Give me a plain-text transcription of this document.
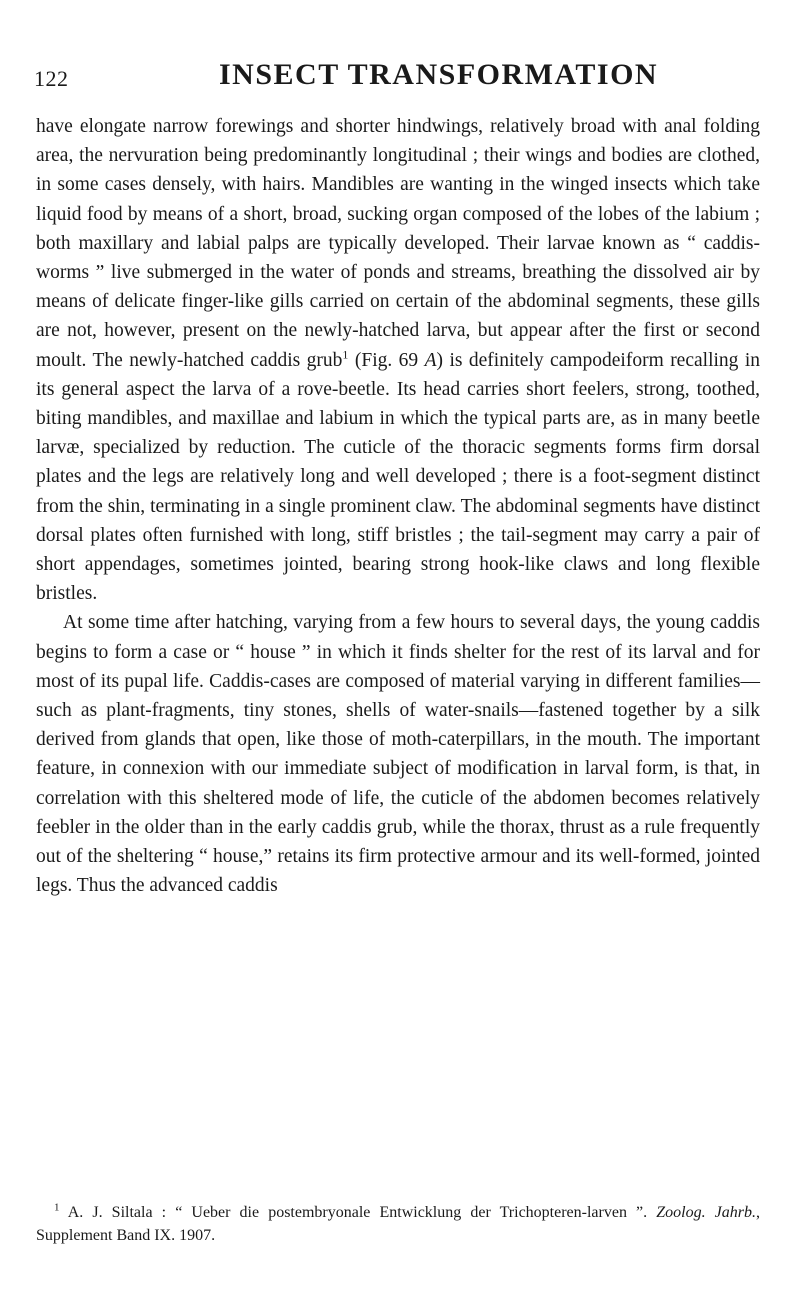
122	INSECT TRANSFORMATION

have elongate narrow forewings and shorter hindwings, relatively broad with anal folding area, the nervuration being predominantly longitudinal ; their wings and bodies are clothed, in some cases densely, with hairs. Mandibles are wanting in the winged insects which take liquid food by means of a short, broad, sucking organ composed of the lobes of the labium ; both maxillary and labial palps are typically developed. Their larvae known as “ caddis-worms ” live submerged in the water of ponds and streams, breathing the dissolved air by means of delicate finger-like gills carried on certain of the abdominal segments, these gills are not, however, present on the newly-hatched larva, but appear after the first or second moult. The newly-hatched caddis grub$^1$ (Fig. 69 A) is definitely campodeiform recalling in its general aspect the larva of a rove-beetle. Its head carries short feelers, strong, toothed, biting mandibles, and maxillae and labium in which the typical parts are, as in many beetle larvæ, specialized by reduction. The cuticle of the thoracic segments forms firm dorsal plates and the legs are relatively long and well developed ; there is a foot-segment distinct from the shin, terminating in a single prominent claw. The abdominal segments have distinct dorsal plates often furnished with long, stiff bristles ; the tail-segment may carry a pair of short appendages, sometimes jointed, bearing strong hook-like claws and long flexible bristles.

At some time after hatching, varying from a few hours to several days, the young caddis begins to form a case or “ house ” in which it finds shelter for the rest of its larval and for most of its pupal life. Caddis-cases are composed of material varying in different families—such as plant-fragments, tiny stones, shells of water-snails—fastened together by a silk derived from glands that open, like those of moth-caterpillars, in the mouth. The important feature, in connexion with our immediate subject of modification in larval form, is that, in correlation with this sheltered mode of life, the cuticle of the abdomen becomes relatively feebler in the older than in the early caddis grub, while the thorax, thrust as a rule frequently out of the sheltering “ house,” retains its firm protective armour and its well-formed, jointed legs. Thus the advanced caddis

$^1$ A. J. Siltala : “ Ueber die postembryonale Entwicklung der Trichopteren-larven ”. Zoolog. Jahrb., Supplement Band IX. 1907.
